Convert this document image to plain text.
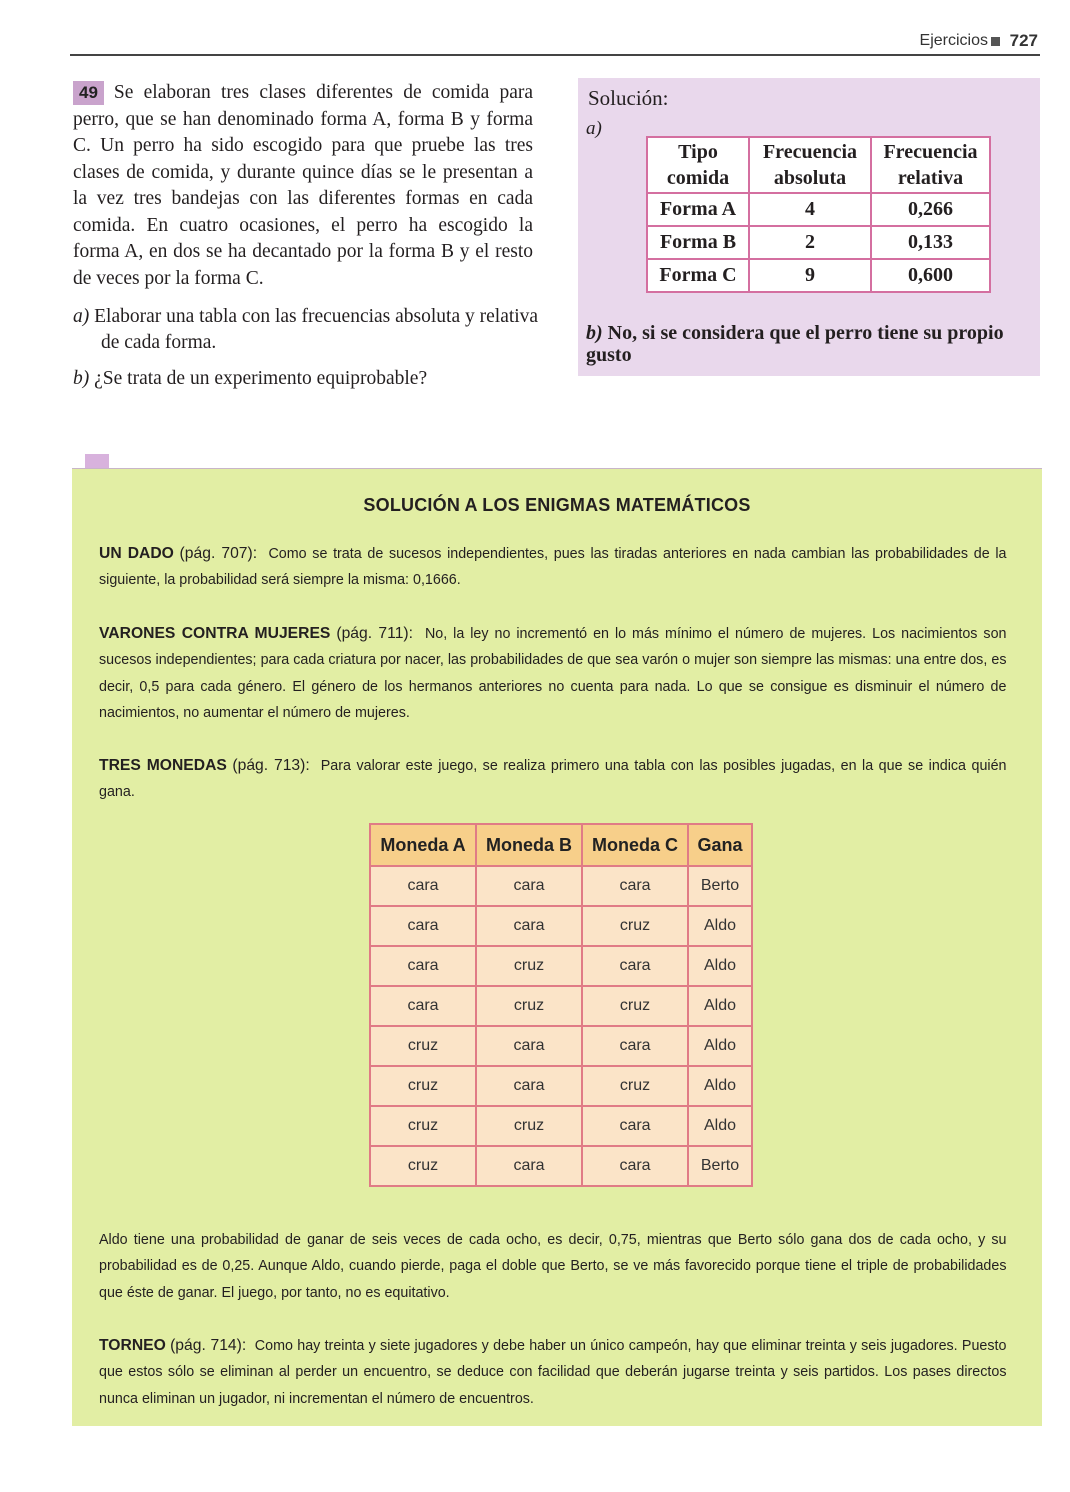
Ejercicios 727
49 Se elaboran tres clases diferentes de comida para perro, que se han denominado forma A, forma B y forma C. Un perro ha sido escogido para que pruebe las tres clases de comida, y durante quince días se le presentan a la vez tres bandejas con las diferentes formas en cada comida. En cuatro ocasiones, el perro ha escogido la forma A, en dos se ha decantado por la forma B y el resto de veces por la forma C.
a) Elaborar una tabla con las frecuencias absoluta y relativa de cada forma.
b) ¿Se trata de un experimento equiprobable?
Solución:
a)
Tipo comida	Frecuencia absoluta	Frecuencia relativa
Forma A	4	0,266
Forma B	2	0,133
Forma C	9	0,600
b) No, si se considera que el perro tiene su propio gusto
SOLUCIÓN A LOS ENIGMAS MATEMÁTICOS
UN DADO (pág. 707): Como se trata de sucesos independientes, pues las tiradas anteriores en nada cambian las probabilidades de la siguiente, la probabilidad será siempre la misma: 0,1666.
VARONES CONTRA MUJERES (pág. 711): No, la ley no incrementó en lo más mínimo el número de mujeres. Los nacimientos son sucesos independientes; para cada criatura por nacer, las probabilidades de que sea varón o mujer son siempre las mismas: una entre dos, es decir, 0,5 para cada género. El género de los hermanos anteriores no cuenta para nada. Lo que se consigue es disminuir el número de nacimientos, no aumentar el número de mujeres.
TRES MONEDAS (pág. 713): Para valorar este juego, se realiza primero una tabla con las posibles jugadas, en la que se indica quién gana.
Moneda A	Moneda B	Moneda C	Gana
cara	cara	cara	Berto
cara	cara	cruz	Aldo
cara	cruz	cara	Aldo
cara	cruz	cruz	Aldo
cruz	cara	cara	Aldo
cruz	cara	cruz	Aldo
cruz	cruz	cara	Aldo
cruz	cara	cara	Berto
Aldo tiene una probabilidad de ganar de seis veces de cada ocho, es decir, 0,75, mientras que Berto sólo gana dos de cada ocho, y su probabilidad es de 0,25. Aunque Aldo, cuando pierde, paga el doble que Berto, se ve más favorecido porque tiene el triple de probabilidades que éste de ganar. El juego, por tanto, no es equitativo.
TORNEO (pág. 714): Como hay treinta y siete jugadores y debe haber un único campeón, hay que eliminar treinta y seis jugadores. Puesto que estos sólo se eliminan al perder un encuentro, se deduce con facilidad que deberán jugarse treinta y seis partidos. Los pases directos nunca eliminan un jugador, ni incrementan el número de encuentros.
